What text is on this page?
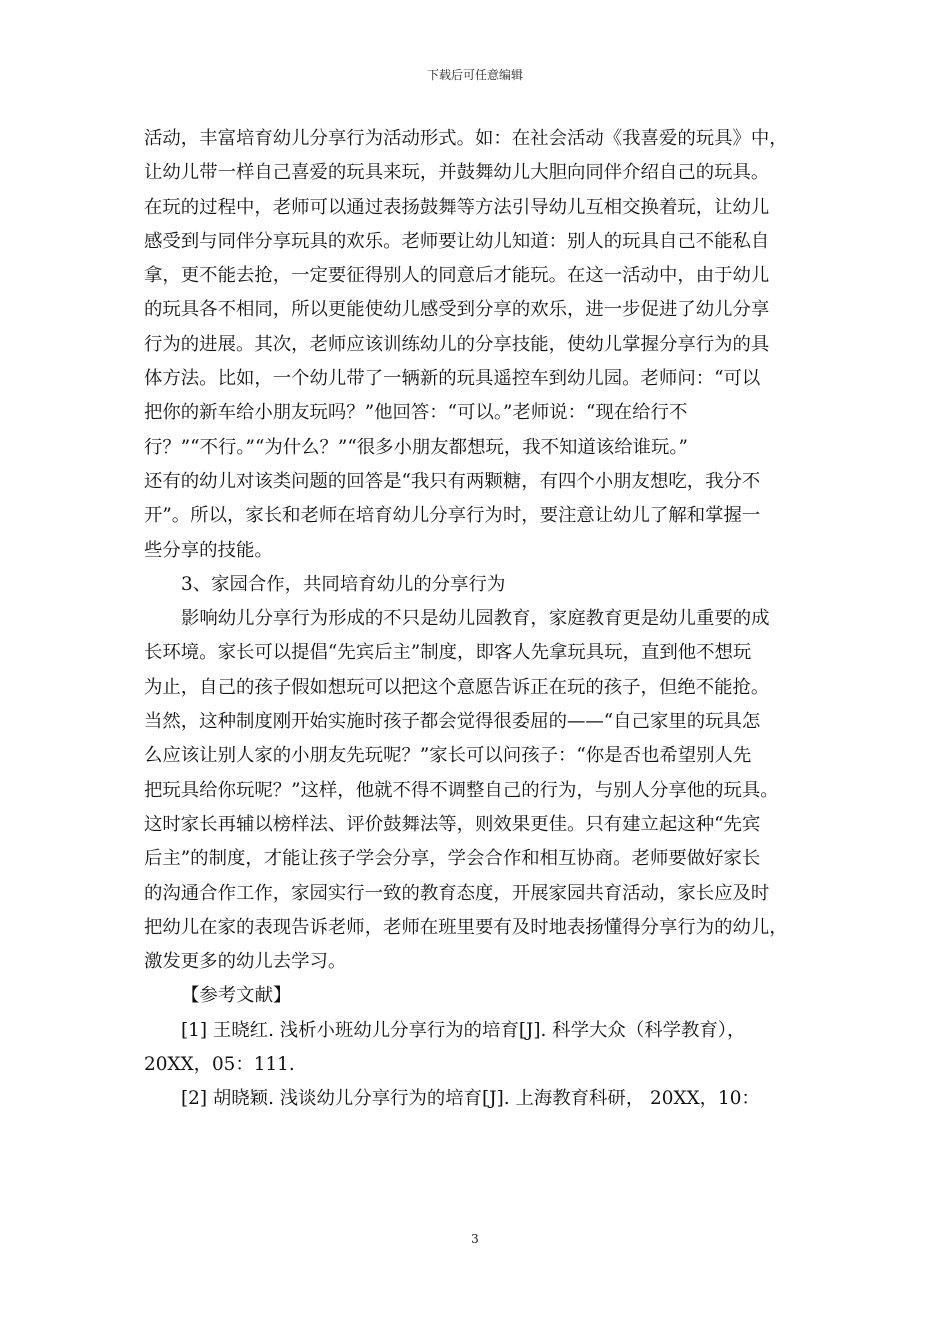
下载后可任意编辑
活动，丰富培育幼儿分享行为活动形式。如：在社会活动《我喜爱的玩具》中，
让幼儿带一样自己喜爱的玩具来玩，并鼓舞幼儿大胆向同伴介绍自己的玩具。
在玩的过程中，老师可以通过表扬鼓舞等方法引导幼儿互相交换着玩，让幼儿
感受到与同伴分享玩具的欢乐。老师要让幼儿知道：别人的玩具自己不能私自
拿，更不能去抢，一定要征得别人的同意后才能玩。在这一活动中，由于幼儿
的玩具各不相同，所以更能使幼儿感受到分享的欢乐，进一步促进了幼儿分享
行为的进展。其次，老师应该训练幼儿的分享技能，使幼儿掌握分享行为的具
体方法。比如，一个幼儿带了一辆新的玩具遥控车到幼儿园。老师问：“可以
把你的新车给小朋友玩吗？”他回答：“可以。”老师说：“现在给行不
行？”“不行。”“为什么？”“很多小朋友都想玩，我不知道该给谁玩。”
还有的幼儿对该类问题的回答是“我只有两颗糖，有四个小朋友想吃，我分不
开”。所以，家长和老师在培育幼儿分享行为时，要注意让幼儿了解和掌握一
些分享的技能。
3、家园合作，共同培育幼儿的分享行为
影响幼儿分享行为形成的不只是幼儿园教育，家庭教育更是幼儿重要的成
长环境。家长可以提倡“先宾后主”制度，即客人先拿玩具玩，直到他不想玩
为止，自己的孩子假如想玩可以把这个意愿告诉正在玩的孩子，但绝不能抢。
当然，这种制度刚开始实施时孩子都会觉得很委屈的——“自己家里的玩具怎
么应该让别人家的小朋友先玩呢？”家长可以问孩子：“你是否也希望别人先
把玩具给你玩呢？”这样，他就不得不调整自己的行为，与别人分享他的玩具。
这时家长再辅以榜样法、评价鼓舞法等，则效果更佳。只有建立起这种“先宾
后主”的制度，才能让孩子学会分享，学会合作和相互协商。老师要做好家长
的沟通合作工作，家园实行一致的教育态度，开展家园共育活动，家长应及时
把幼儿在家的表现告诉老师，老师在班里要有及时地表扬懂得分享行为的幼儿，
激发更多的幼儿去学习。
【参考文献】
[1] 王晓红. 浅析小班幼儿分享行为的培育[J]. 科学大众（科学教育），
20XX，05：111.
[2] 胡晓颖. 浅谈幼儿分享行为的培育[J]. 上海教育科研， 20XX，10：
3
